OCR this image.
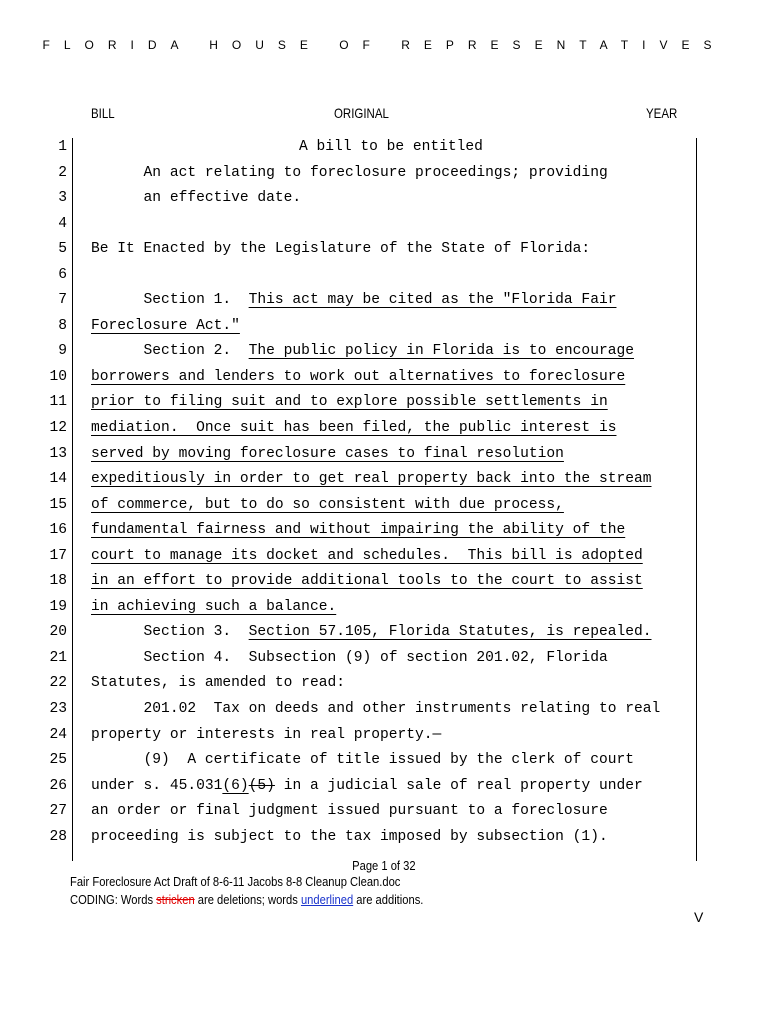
FLORIDA HOUSE OF REPRESENTATIVES
BILL	ORIGINAL	YEAR
1	A bill to be entitled
2	An act relating to foreclosure proceedings; providing
3	an effective date.
4
5 Be It Enacted by the Legislature of the State of Florida:
6
7	Section 1.  This act may be cited as the "Florida Fair
8 Foreclosure Act."
9	Section 2.  The public policy in Florida is to encourage
10 borrowers and lenders to work out alternatives to foreclosure
11 prior to filing suit and to explore possible settlements in
12 mediation.  Once suit has been filed, the public interest is
13 served by moving foreclosure cases to final resolution
14 expeditiously in order to get real property back into the stream
15 of commerce, but to do so consistent with due process,
16 fundamental fairness and without impairing the ability of the
17 court to manage its docket and schedules.  This bill is adopted
18 in an effort to provide additional tools to the court to assist
19 in achieving such a balance.
20	Section 3.  Section 57.105, Florida Statutes, is repealed.
21	Section 4.  Subsection (9) of section 201.02, Florida
22 Statutes, is amended to read:
23	201.02  Tax on deeds and other instruments relating to real
24 property or interests in real property.—
25	(9)  A certificate of title issued by the clerk of court
26 under s. 45.031(6)(5) in a judicial sale of real property under
27 an order or final judgment issued pursuant to a foreclosure
28 proceeding is subject to the tax imposed by subsection (1).
Page 1 of 32
Fair Foreclosure Act Draft of 8-6-11 Jacobs 8-8 Cleanup Clean.doc
CODING: Words stricken are deletions; words underlined are additions.
V
